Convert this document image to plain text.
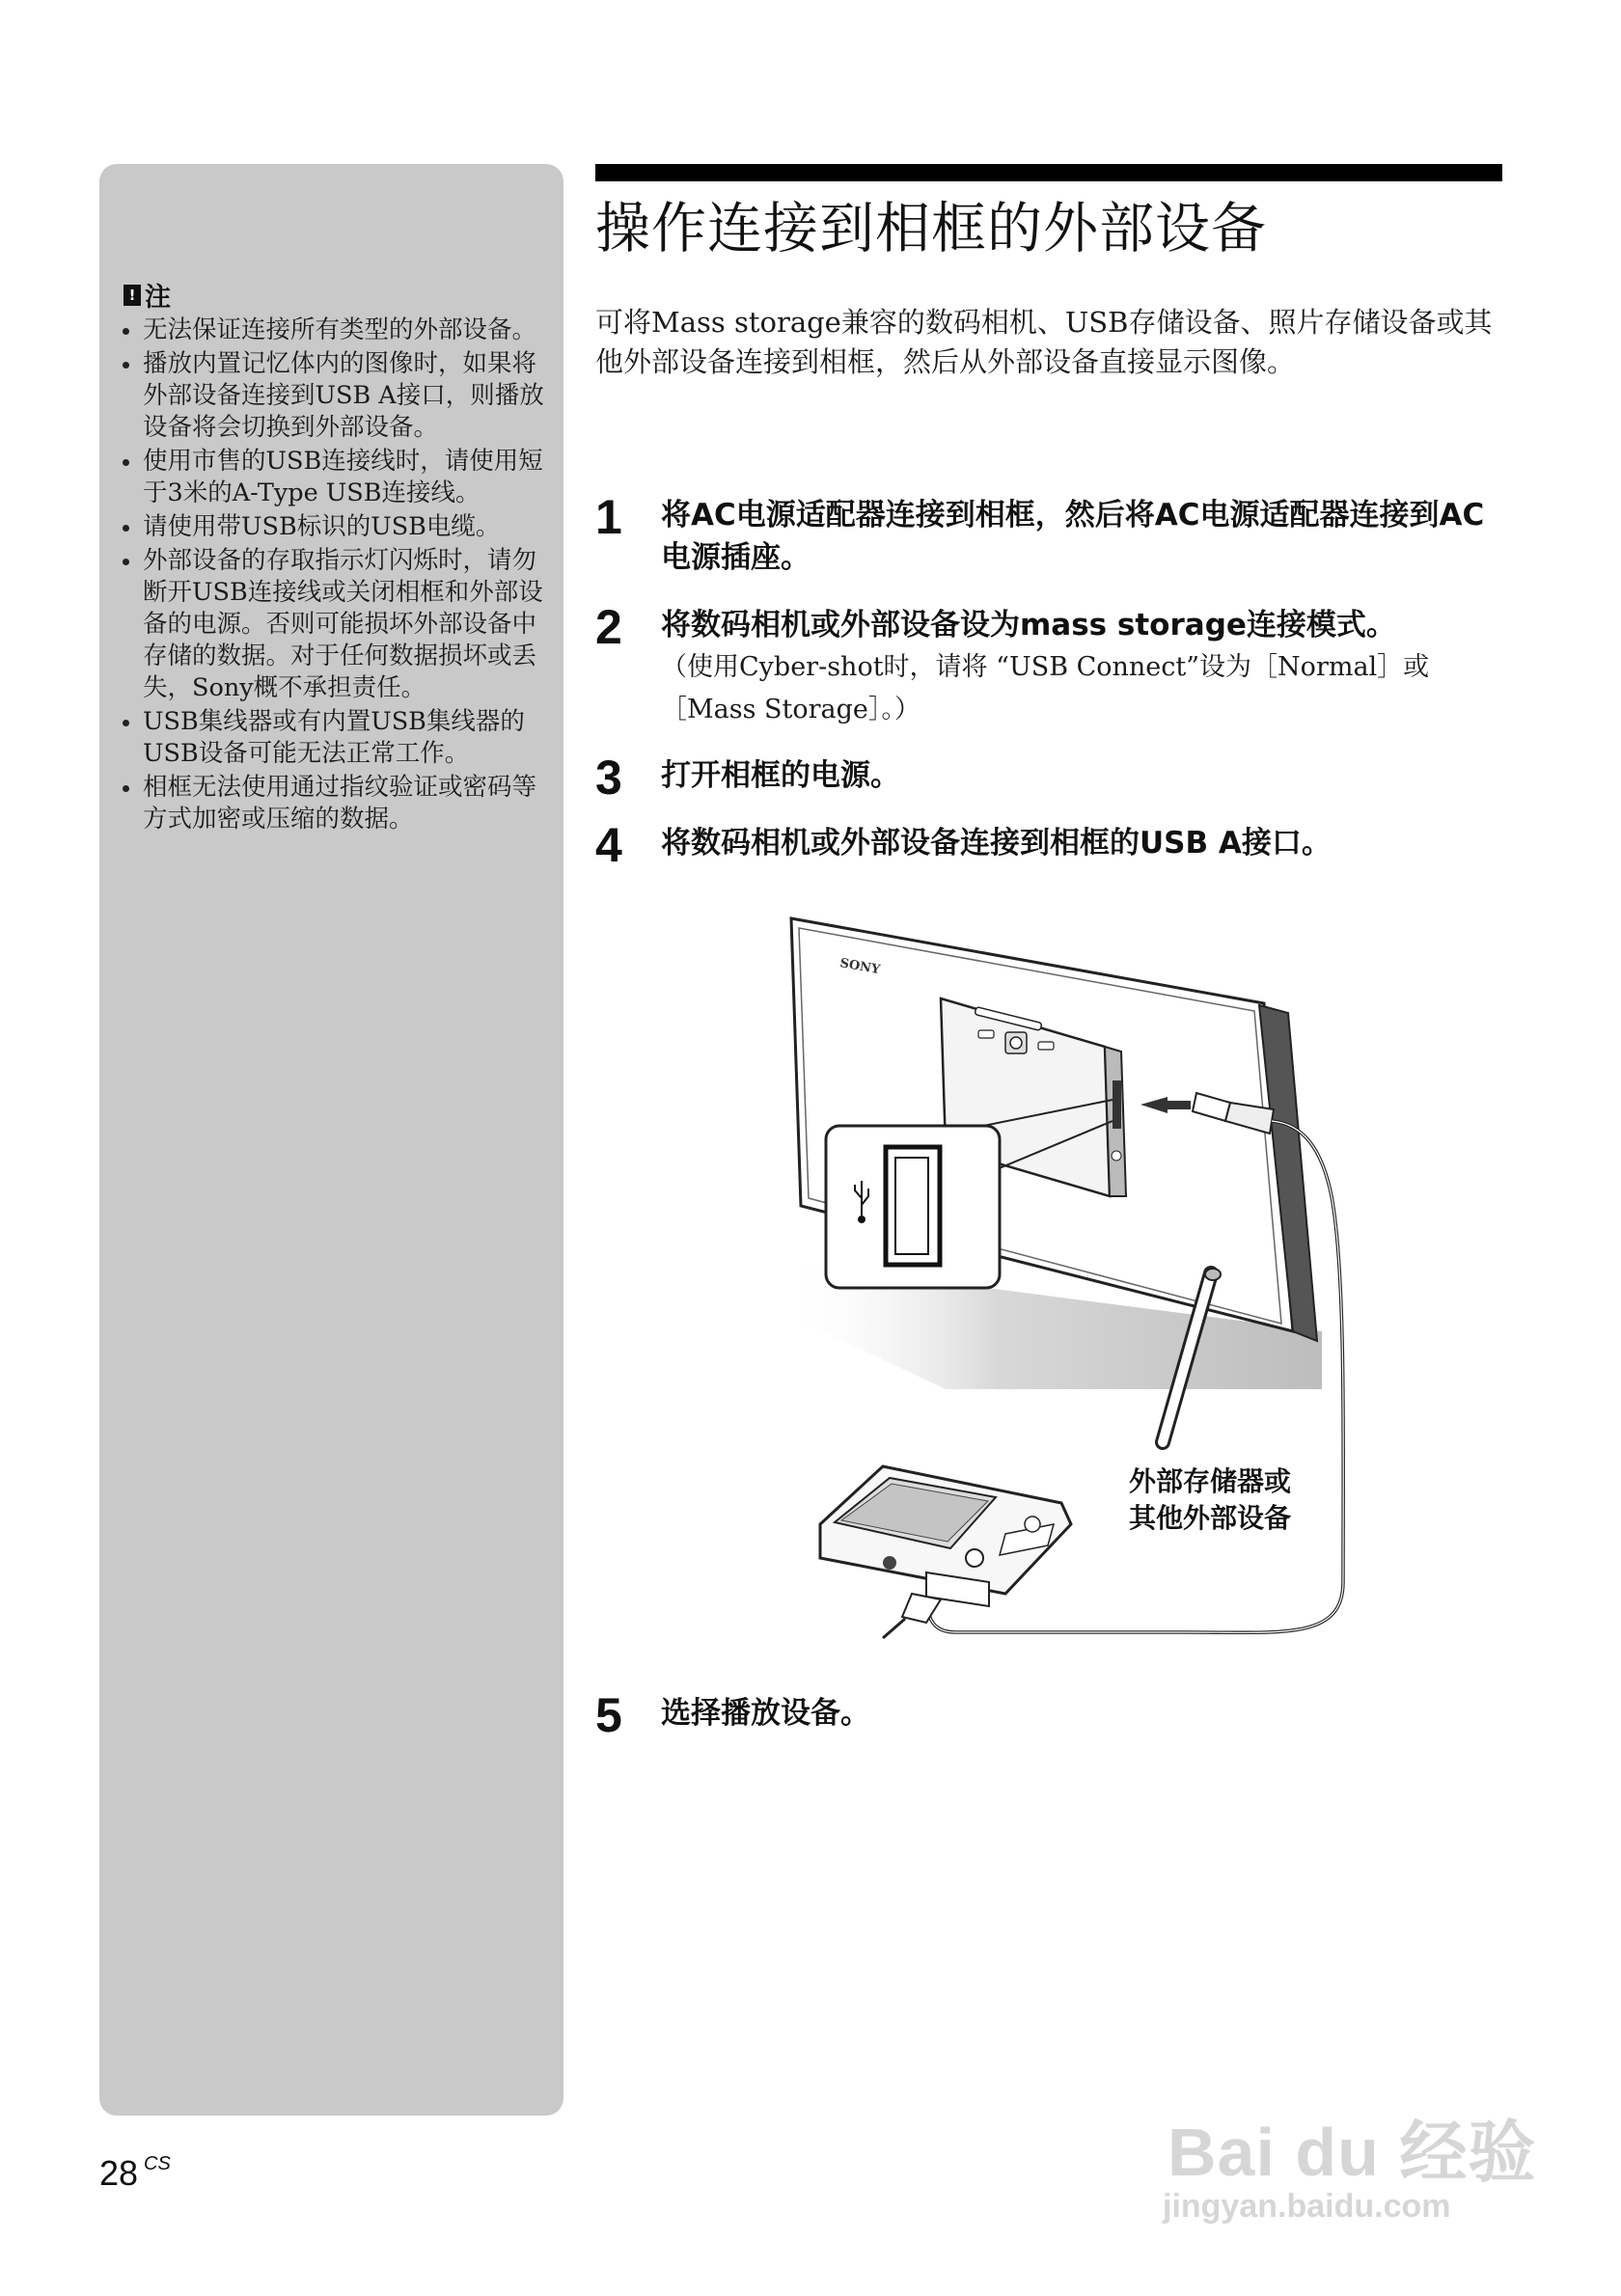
! 注
无法保证连接所有类型的外部设备。
播放内置记忆体内的图像时，如果将外部设备连接到USB A接口，则播放设备将会切换到外部设备。
使用市售的USB连接线时，请使用短于3米的A-Type USB连接线。
请使用带USB标识的USB电缆。
外部设备的存取指示灯闪烁时，请勿断开USB连接线或关闭相框和外部设备的电源。否则可能损坏外部设备中存储的数据。对于任何数据损坏或丢失，Sony概不承担责任。
USB集线器或有内置USB集线器的USB设备可能无法正常工作。
相框无法使用通过指纹验证或密码等方式加密或压缩的数据。
操作连接到相框的外部设备

可将Mass storage兼容的数码相机、USB存储设备、照片存储设备或其他外部设备连接到相框，然后从外部设备直接显示图像。

1 将AC电源适配器连接到相框，然后将AC电源适配器连接到AC电源插座。
2 将数码相机或外部设备设为mass storage连接模式。
（使用Cyber-shot时，请将 “USB Connect”设为［Normal］或［Mass Storage］。）
3 打开相框的电源。
4 将数码相机或外部设备连接到相框的USB A接口。
SONY
外部存储器或
其他外部设备
5 选择播放设备。
28 $^{CS}$	Bai du 经验
jingyan.baidu.com
